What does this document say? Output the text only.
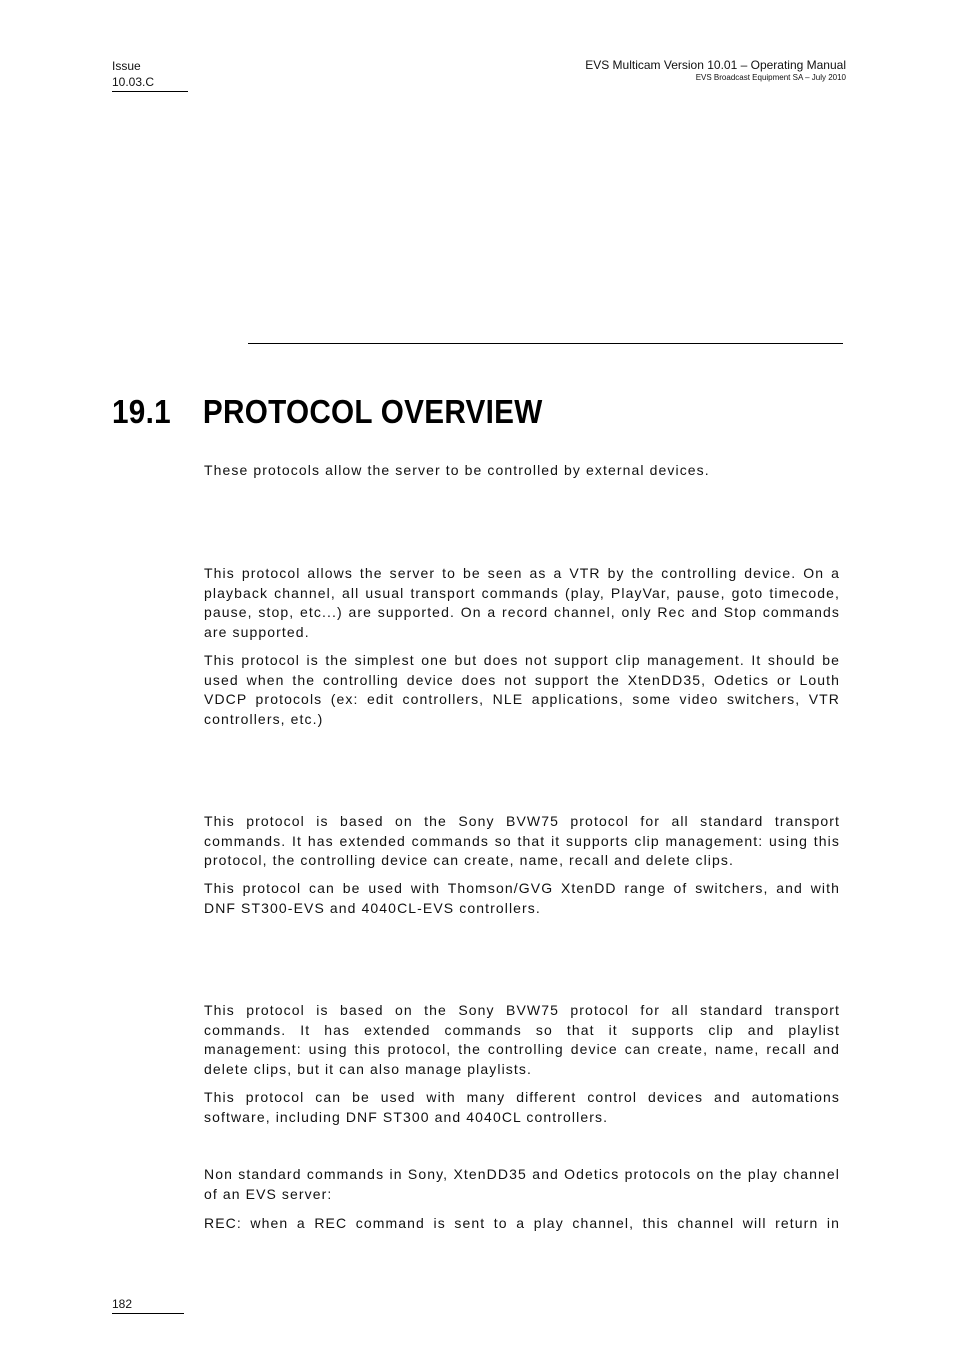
Issue
10.03.C
EVS Multicam Version 10.01 – Operating Manual
EVS Broadcast Equipment SA – July 2010
19.1 PROTOCOL OVERVIEW

These protocols allow the server to be controlled by external devices.

This protocol allows the server to be seen as a VTR by the controlling device. On a playback channel, all usual transport commands (play, PlayVar, pause, goto timecode, pause, stop, etc...) are supported. On a record channel, only Rec and Stop commands are supported.

This protocol is the simplest one but does not support clip management. It should be used when the controlling device does not support the XtenDD35, Odetics or Louth VDCP protocols (ex: edit controllers, NLE applications, some video switchers, VTR controllers, etc.)

This protocol is based on the Sony BVW75 protocol for all standard transport commands. It has extended commands so that it supports clip management: using this protocol, the controlling device can create, name, recall and delete clips.

This protocol can be used with Thomson/GVG XtenDD range of switchers, and with DNF ST300-EVS and 4040CL-EVS controllers.

This protocol is based on the Sony BVW75 protocol for all standard transport commands. It has extended commands so that it supports clip and playlist management: using this protocol, the controlling device can create, name, recall and delete clips, but it can also manage playlists.

This protocol can be used with many different control devices and automations software, including DNF ST300 and 4040CL controllers.

Non standard commands in Sony, XtenDD35 and Odetics protocols on the play channel of an EVS server:

REC: when a REC command is sent to a play channel, this channel will return in

182
